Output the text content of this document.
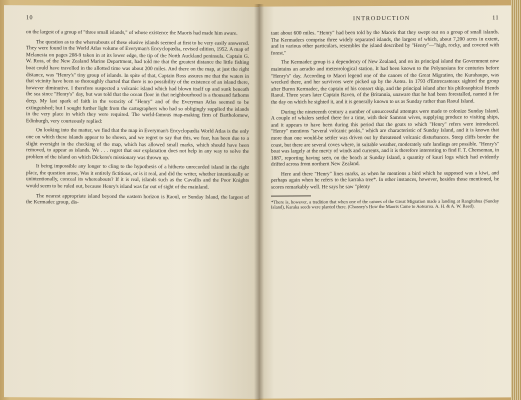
10

on the largest of a group of "three small islands," of whose existence the Maoris had made him aware.

The question as to the whereabouts of these elusive islands seemed at first to be very easily answered. They were found in the World Atlas volume of Everyman's Encyclopædia, revised edition, 1952. A map of Melanesia on pages 208-9 taken in at its lower edge, the tip of the North Auckland peninsula. Captain G. W. Ross, of the New Zealand Marine Department, had told me that the greatest distance the little fishing boat could have travelled in the allotted time was about 200 miles. And there on the map, at just the right distance, was "Henry's" tiny group of islands. In spite of that, Captain Ross assures me that the waters in that vicinity have been so thoroughly charted that there is no possibility of the existence of an island there, however diminutive. I therefore suspected a volcanic island which had blown itself up and sunk beneath the sea since "Henry's" day, but was told that the ocean floor in that neighbourhood is a thousand fathoms deep. My last spark of faith in the veracity of "Henry" and of the Everyman Atlas seemed to be extinguished; but I sought further light from the cartographers who had so obligingly supplied the islands in the very place in which they were required. The world-famous map-making firm of Bartholomew, Edinburgh, very courteously replied:

On looking into the matter, we find that the map in Everyman's Encyclopædia World Atlas is the only one on which these islands appear to be shown, and we regret to say that this, we fear, has been due to a slight oversight in the checking of the map, which has allowed small marks, which should have been removed, to appear as islands. We . . . regret that our explanation does not help in any way to solve the problem of the island on which Dickens's missionary was thrown up.

It being impossible any longer to cling to the hypothesis of a hitherto unrecorded island in the right place, the question arose, Was it entirely fictitious, or is it real, and did the writer, whether intentionally or unintentionally, conceal its whereabouts? If it is real, islands such as the Cavallis and the Poor Knights would seem to be ruled out, because Henry's island was far out of sight of the mainland.

The nearest appropriate island beyond the eastern horizon is Raoul, or Sunday Island, the largest of the Kermadec group, dis-

INTRODUCTION	11

tant about 600 miles. "Henry" had been told by the Maoris that they swept out on a group of small islands. The Kermadecs comprise three widely separated islands, the largest of which, about 7,200 acres in extent, and in various other particulars, resembles the island described by "Henry"—"high, rocky, and covered with forest."

The Kermadec group is a dependency of New Zealand, and on its principal island the Government now maintains an aeradio and meteorological station. It had been known to the Polynesians for centuries before "Henry's" day. According to Maori legend one of the canoes of the Great Migration, the Kurahaupo, was wrecked there, and her survivors were picked up by the Aotea. In 1793 d'Entrecasteaux sighted the group after Buron Kermadec, the captain of his consort ship, and the principal island after his philosophical friends Raoul. Three years later Captain Raven, of the Britannia, unaware that he had been forestalled, named it for the day on which he sighted it, and it is generally known to us as Sunday rather than Raoul Island.

During the nineteenth century a number of unsuccessful attempts were made to colonize Sunday Island. A couple of whalers settled there for a time, with their Samoan wives, supplying produce to visiting ships, and it appears to have been during this period that the goats to which "Henry" refers were introduced. "Henry" mentions "several volcanic peaks," which are characteristic of Sunday Island, and it is known that more than one would-be settler was driven out by threatened volcanic disturbances. Steep cliffs border the coast, but there are several coves where, in suitable weather, moderately safe landings are possible. "Henry's" boat was largely at the mercy of winds and currents, and it is therefore interesting to find F. T. Cheeseman, in 1887, reporting having seen, on the beach at Sunday Island, a quantity of kauri logs which had evidently drifted across from northern New Zealand.

Here and there "Henry" lines marks, as when he mentions a bird which he supposed was a kiwi, and perhaps again when he refers to the karraka tree*. In other instances, however, besides those mentioned, he scores remarkably well. He says he saw "plenty

*There is, however, a tradition that when one of the canoes of the Great Migration made a landing at Rangitahua (Sunday Island), Karaka seeds were planted there. (Chasney's How the Maoris Came to Aotearoa. A. H. & A. W. Reed).
